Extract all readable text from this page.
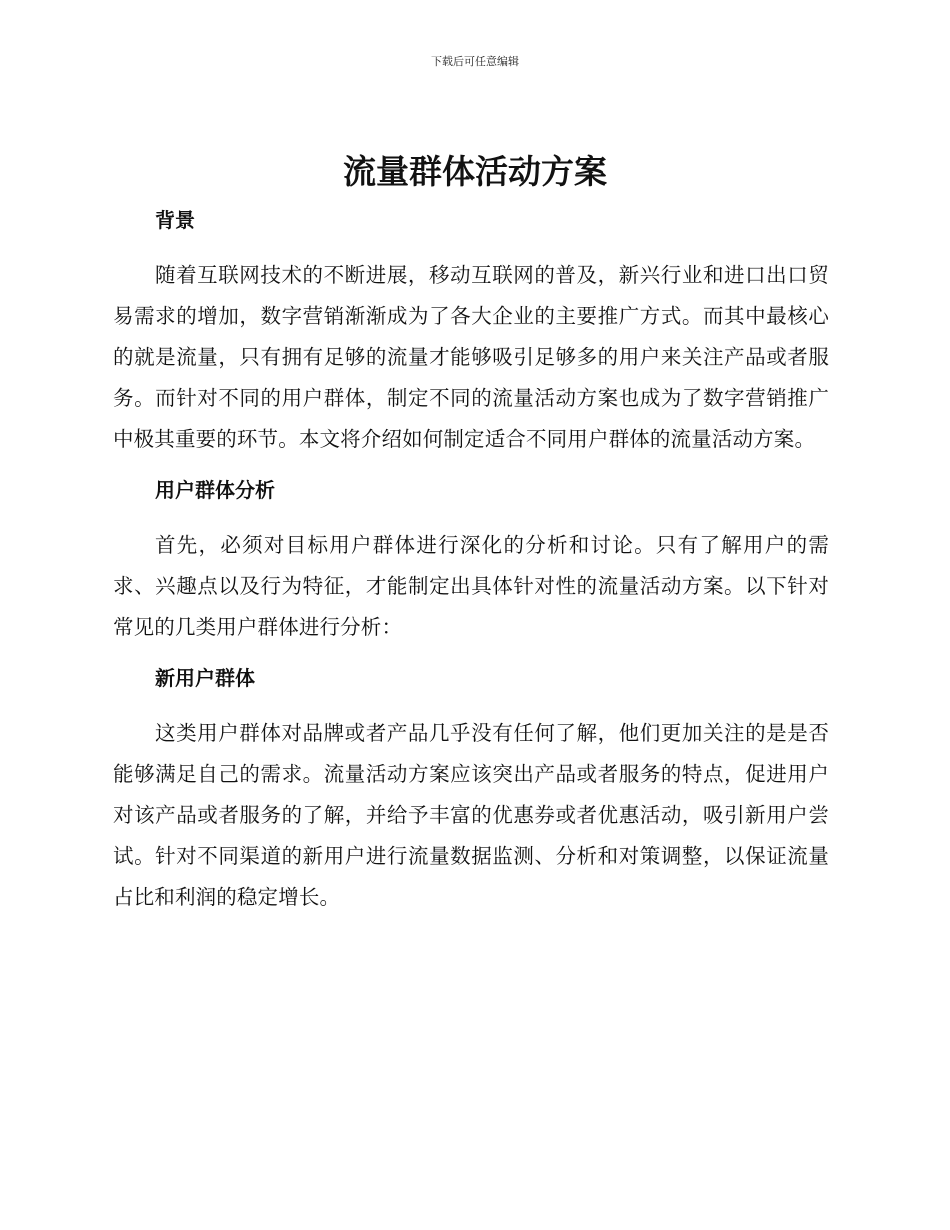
下载后可任意编辑
流量群体活动方案
背景

随着互联网技术的不断进展，移动互联网的普及，新兴行业和进口出口贸易需求的增加，数字营销渐渐成为了各大企业的主要推广方式。而其中最核心的就是流量，只有拥有足够的流量才能够吸引足够多的用户来关注产品或者服务。而针对不同的用户群体，制定不同的流量活动方案也成为了数字营销推广中极其重要的环节。本文将介绍如何制定适合不同用户群体的流量活动方案。

用户群体分析

首先，必须对目标用户群体进行深化的分析和讨论。只有了解用户的需求、兴趣点以及行为特征，才能制定出具体针对性的流量活动方案。以下针对常见的几类用户群体进行分析：

新用户群体

这类用户群体对品牌或者产品几乎没有任何了解，他们更加关注的是是否能够满足自己的需求。流量活动方案应该突出产品或者服务的特点，促进用户对该产品或者服务的了解，并给予丰富的优惠券或者优惠活动，吸引新用户尝试。针对不同渠道的新用户进行流量数据监测、分析和对策调整，以保证流量占比和利润的稳定增长。
